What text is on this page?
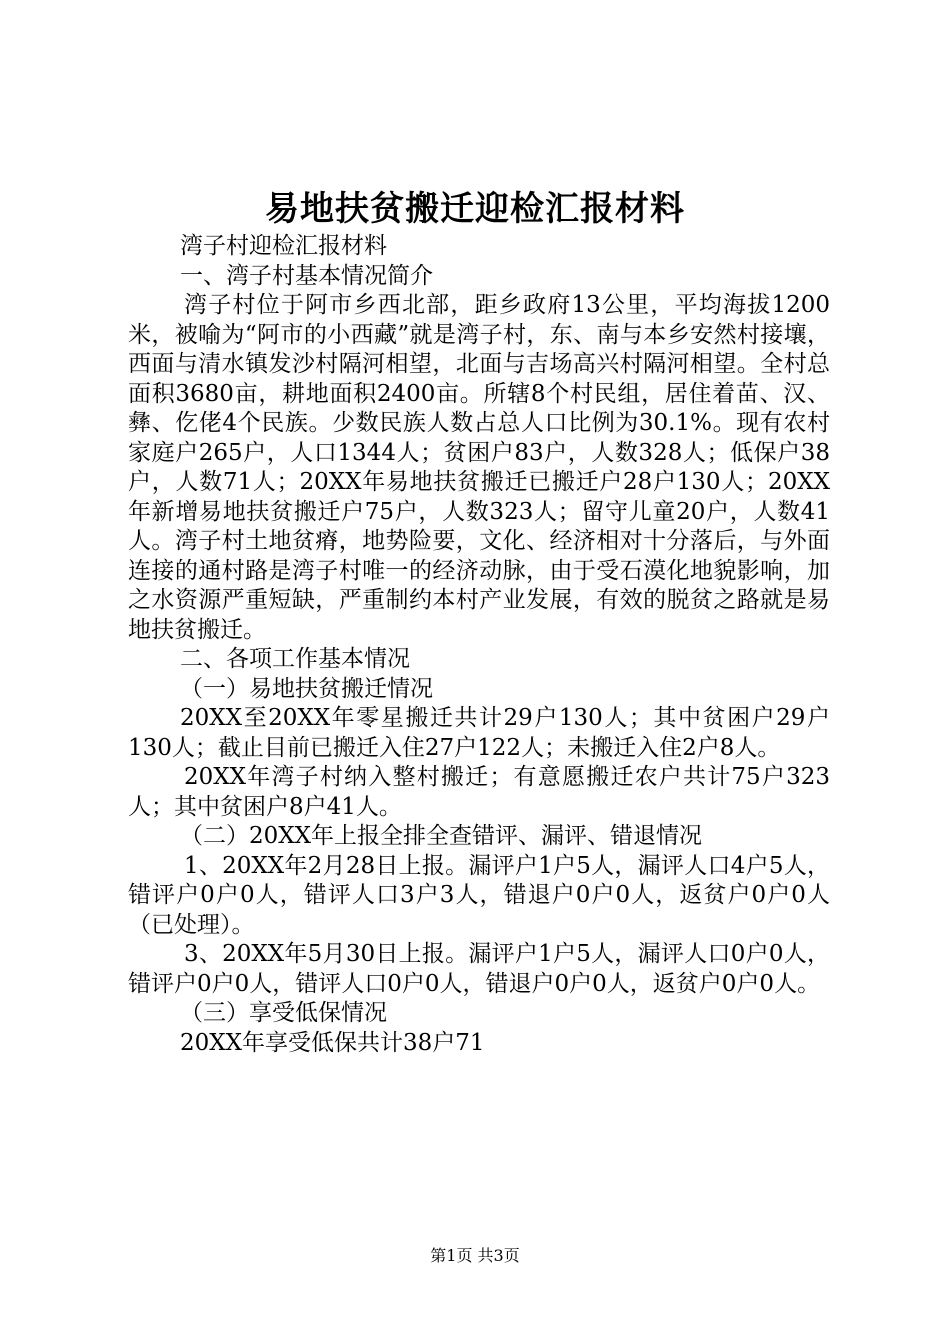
易地扶贫搬迁迎检汇报材料

湾子村迎检汇报材料

一、湾子村基本情况简介

湾子村位于阿市乡西北部，距乡政府13公里，平均海拔1200米，被喻为“阿市的小西藏”就是湾子村，东、南与本乡安然村接壤，西面与清水镇发沙村隔河相望，北面与吉场高兴村隔河相望。全村总面积3680亩，耕地面积2400亩。所辖8个村民组，居住着苗、汉、彝、仡佬4个民族。少数民族人数占总人口比例为30.1%。现有农村家庭户265户，人口1344人；贫困户83户，人数328人；低保户38户，人数71人；20XX年易地扶贫搬迁已搬迁户28户130人；20XX年新增易地扶贫搬迁户75户，人数323人；留守儿童20户，人数41人。湾子村土地贫瘠，地势险要，文化、经济相对十分落后，与外面连接的通村路是湾子村唯一的经济动脉，由于受石漠化地貌影响，加之水资源严重短缺，严重制约本村产业发展，有效的脱贫之路就是易地扶贫搬迁。

二、各项工作基本情况

（一）易地扶贫搬迁情况

20XX至20XX年零星搬迁共计29户130人；其中贫困户29户130人；截止目前已搬迁入住27户122人；未搬迁入住2户8人。

20XX年湾子村纳入整村搬迁；有意愿搬迁农户共计75户323人；其中贫困户8户41人。

（二）20XX年上报全排全查错评、漏评、错退情况

1、20XX年2月28日上报。漏评户1户5人，漏评人口4户5人，错评户0户0人，错评人口3户3人，错退户0户0人，返贫户0户0人（已处理）。

3、20XX年5月30日上报。漏评户1户5人，漏评人口0户0人，错评户0户0人，错评人口0户0人，错退户0户0人，返贫户0户0人。

（三）享受低保情况

20XX年享受低保共计38户71

第1页 共3页
